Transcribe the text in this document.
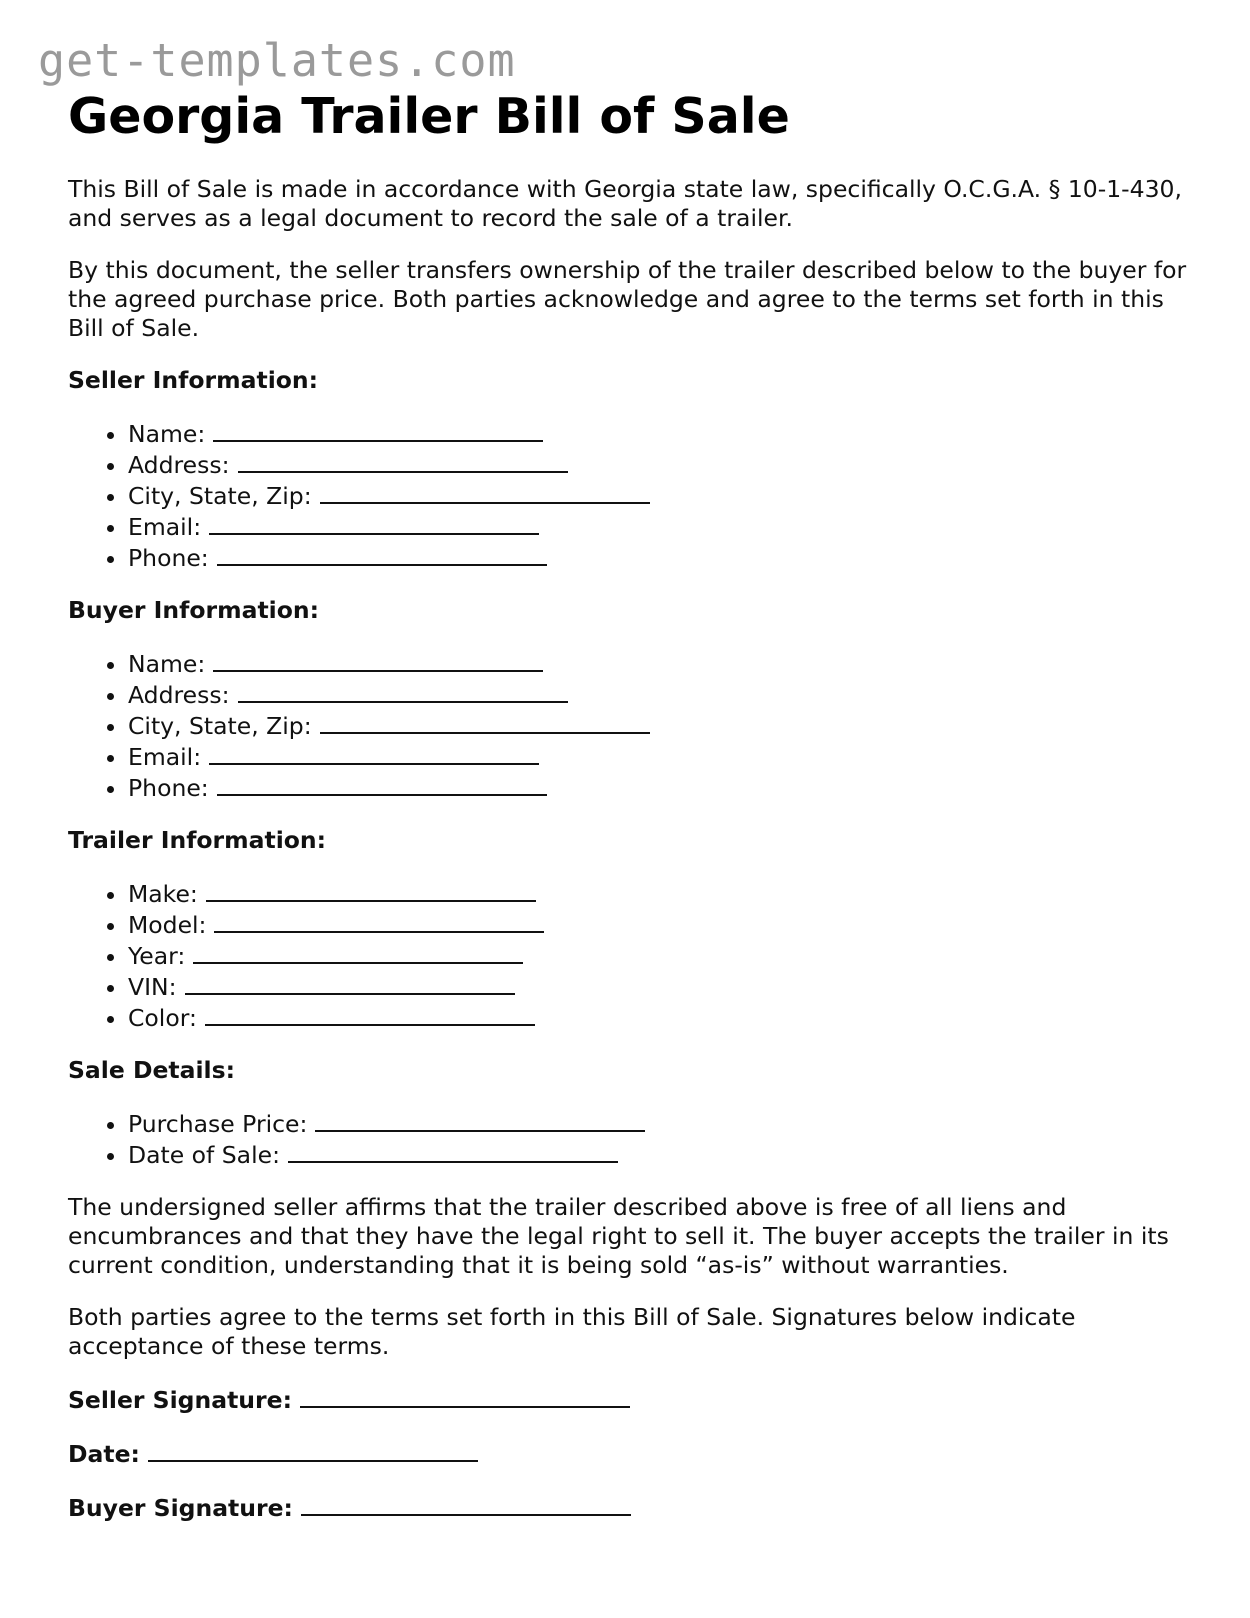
get-templates.com
Georgia Trailer Bill of Sale

This Bill of Sale is made in accordance with Georgia state law, specifically O.C.G.A. § 10-1-430, and serves as a legal document to record the sale of a trailer.

By this document, the seller transfers ownership of the trailer described below to the buyer for the agreed purchase price. Both parties acknowledge and agree to the terms set forth in this Bill of Sale.

Seller Information:
• Name:
• Address:
• City, State, Zip:
• Email:
• Phone:
Buyer Information:
• Name:
• Address:
• City, State, Zip:
• Email:
• Phone:
Trailer Information:
• Make:
• Model:
• Year:
• VIN:
• Color:
Sale Details:
• Purchase Price:
• Date of Sale:

The undersigned seller affirms that the trailer described above is free of all liens and encumbrances and that they have the legal right to sell it. The buyer accepts the trailer in its current condition, understanding that it is being sold “as-is” without warranties.

Both parties agree to the terms set forth in this Bill of Sale. Signatures below indicate acceptance of these terms.

Seller Signature:
Date:
Buyer Signature:
